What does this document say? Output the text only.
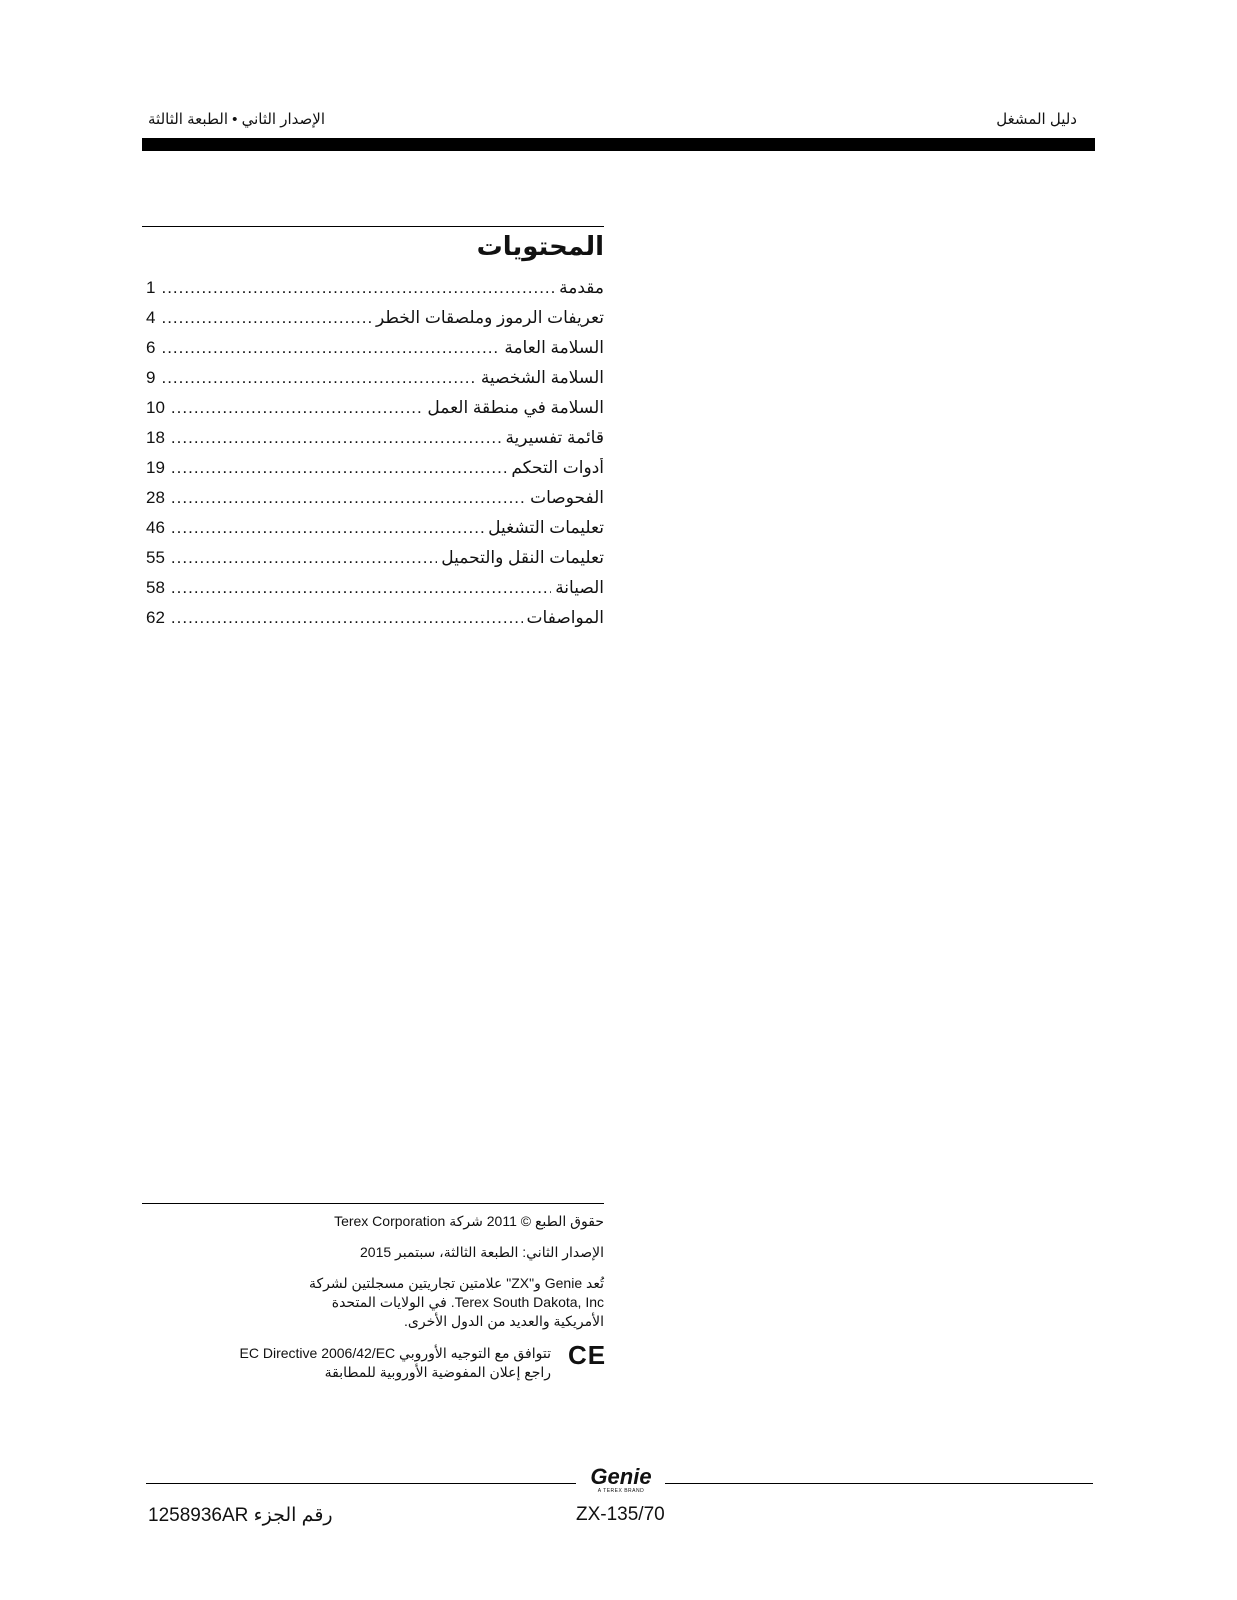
الإصدار الثاني • الطبعة الثالثة	دليل المشغل
المحتويات
مقدمة
.....
1
تعريفات الرموز وملصقات الخطر
.....
4
السلامة العامة
.....
6
السلامة الشخصية
.....
9
السلامة في منطقة العمل
.....
10
قائمة تفسيرية
.....
18
أدوات التحكم
.....
19
الفحوصات
.....
28
تعليمات التشغيل
.....
46
تعليمات النقل والتحميل
.....
55
الصيانة
.....
58
المواصفات
.....
62
حقوق الطبع © 2011 شركة Terex Corporation
الإصدار الثاني: الطبعة الثالثة، سبتمبر 2015
تُعد Genie و"ZX" علامتين تجاريتين مسجلتين لشركة
Terex South Dakota, Inc. في الولايات المتحدة
الأمريكية والعديد من الدول الأخرى.
تتوافق مع التوجيه الأوروبي EC Directive 2006/42/EC
راجع إعلان المفوضية الأوروبية للمطابقة
CE
Genie
A TEREX BRAND
رقم الجزء 1258936AR	ZX-135/70
